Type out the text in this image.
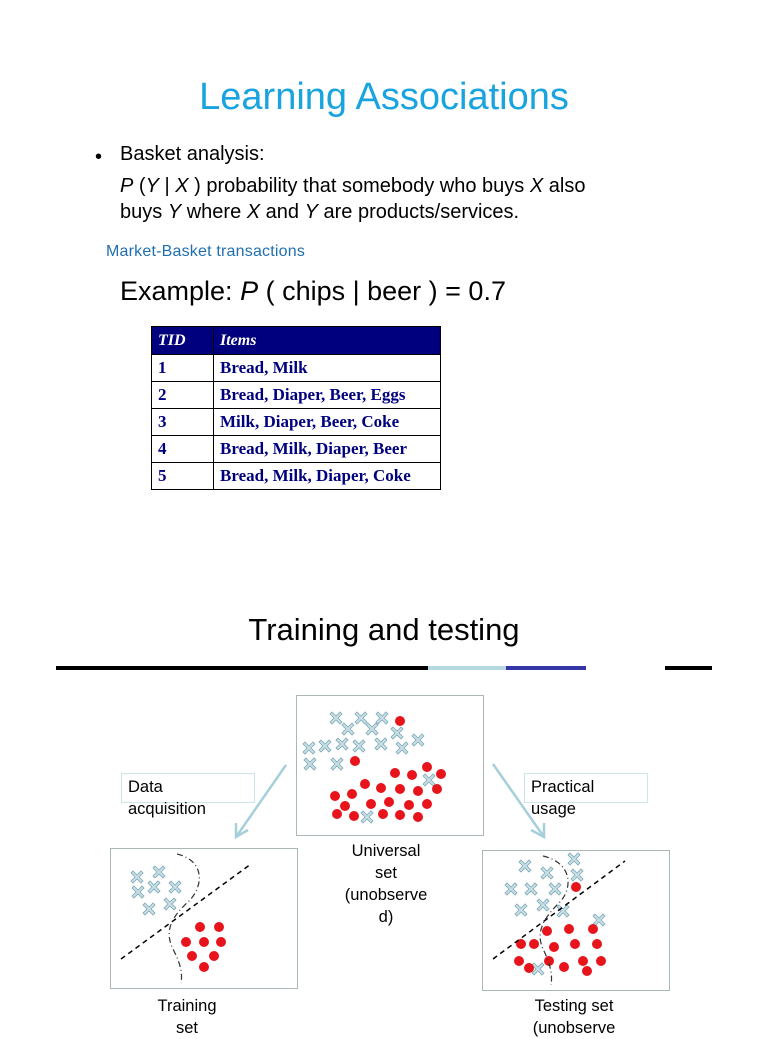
Learning Associations
• Basket analysis:
P (Y | X ) probability that somebody who buys X also
buys Y where X and Y are products/services.
Market-Basket transactions
Example: P ( chips | beer ) = 0.7
TID	Items
1	Bread, Milk
2	Bread, Diaper, Beer, Eggs
3	Milk, Diaper, Beer, Coke
4	Bread, Milk, Diaper, Beer
5	Bread, Milk, Diaper, Coke
Training and testing
Data
acquisition
Practical
usage
Universal
set
(unobserve
d)
Training
set
Testing set
(unobserve
